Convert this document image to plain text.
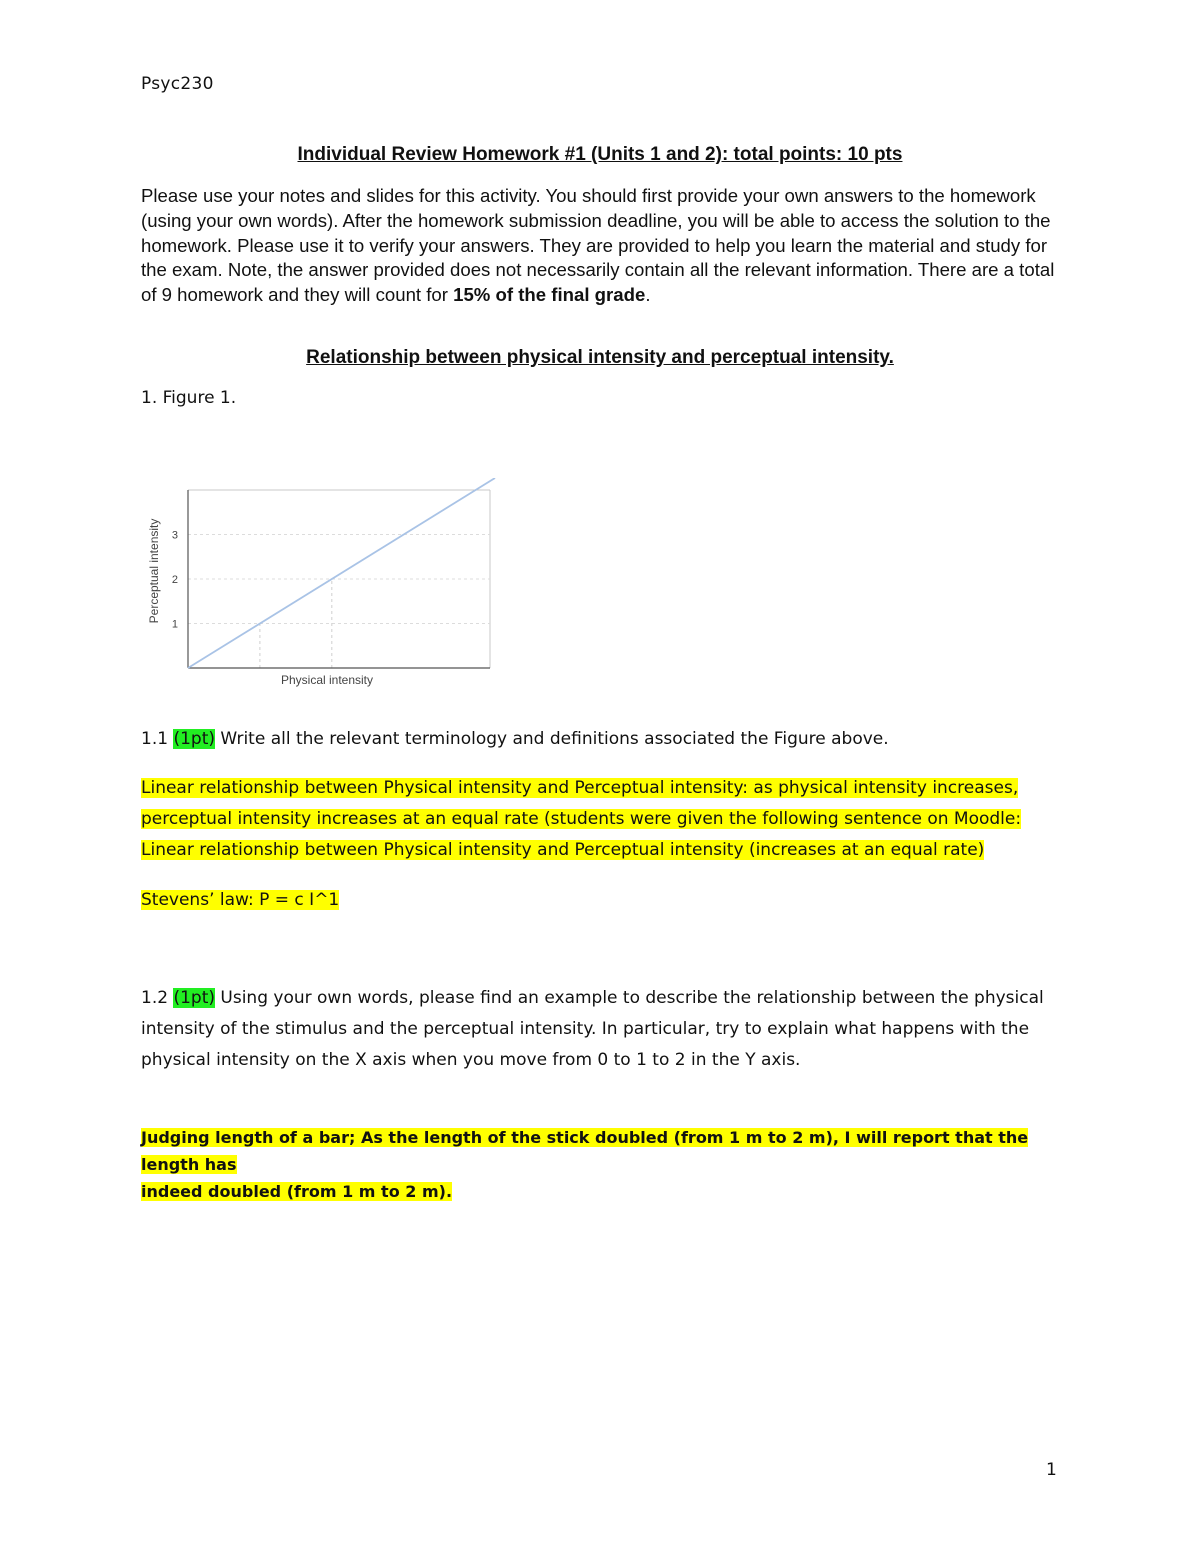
Psyc230
Individual Review Homework #1 (Units 1 and 2): total points: 10 pts
Please use your notes and slides for this activity. You should first provide your own answers to the homework (using your own words). After the homework submission deadline, you will be able to access the solution to the homework. Please use it to verify your answers. They are provided to help you learn the material and study for the exam. Note, the answer provided does not necessarily contain all the relevant information. There are a total of 9 homework and they will count for 15% of the final grade.
Relationship between physical intensity and perceptual intensity.
1. Figure 1.
1
2
3
Physical intensity
Perceptual intensity
1.1 (1pt) Write all the relevant terminology and definitions associated the Figure above.
Linear relationship between Physical intensity and Perceptual intensity: as physical intensity increases,
perceptual intensity increases at an equal rate (students were given the following sentence on Moodle:
Linear relationship between Physical intensity and Perceptual intensity (increases at an equal rate)
Stevens’ law: P = c I^1
1.2 (1pt) Using your own words, please find an example to describe the relationship between the physical intensity of the stimulus and the perceptual intensity. In particular, try to explain what happens with the physical intensity on the X axis when you move from 0 to 1 to 2 in the Y axis.
Judging length of a bar; As the length of the stick doubled (from 1 m to 2 m), I will report that the length has
indeed doubled (from 1 m to 2 m).
1
